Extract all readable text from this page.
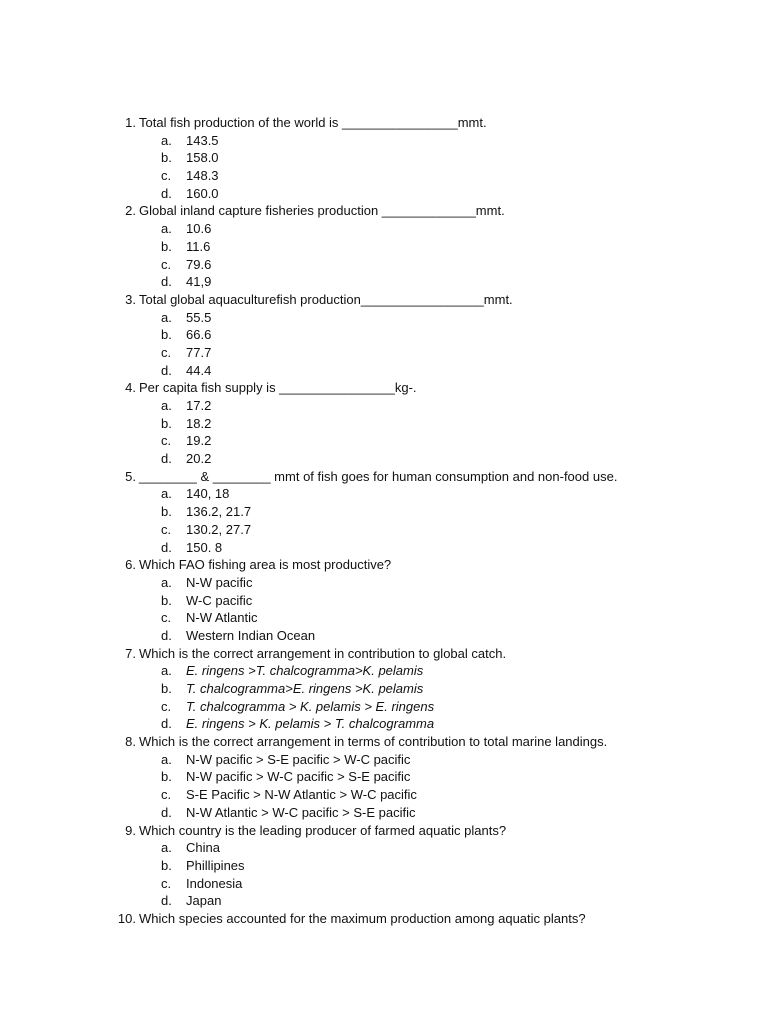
1. Total fish production of the world is ________________mmt.
a. 143.5
b. 158.0
c. 148.3
d. 160.0
2. Global inland capture fisheries production _____________mmt.
a. 10.6
b. 11.6
c. 79.6
d. 41,9
3. Total global aquaculturefish production_________________mmt.
a. 55.5
b. 66.6
c. 77.7
d. 44.4
4. Per capita fish supply is ________________kg-.
a. 17.2
b. 18.2
c. 19.2
d. 20.2
5. ________ & ________ mmt of fish goes for human consumption and non-food use.
a. 140, 18
b. 136.2, 21.7
c. 130.2, 27.7
d. 150. 8
6. Which FAO fishing area is most productive?
a. N-W pacific
b. W-C pacific
c. N-W Atlantic
d. Western Indian Ocean
7. Which is the correct arrangement in contribution to global catch.
a. E. ringens >T. chalcogramma>K. pelamis
b. T. chalcogramma>E. ringens >K. pelamis
c. T. chalcogramma > K. pelamis > E. ringens
d. E. ringens > K. pelamis > T. chalcogramma
8. Which is the correct arrangement in terms of contribution to total marine landings.
a. N-W pacific > S-E pacific > W-C pacific
b. N-W pacific > W-C pacific > S-E pacific
c. S-E Pacific > N-W Atlantic > W-C pacific
d. N-W Atlantic > W-C pacific > S-E pacific
9. Which country is the leading producer of farmed aquatic plants?
a. China
b. Phillipines
c. Indonesia
d. Japan
10. Which species accounted for the maximum production among aquatic plants?
